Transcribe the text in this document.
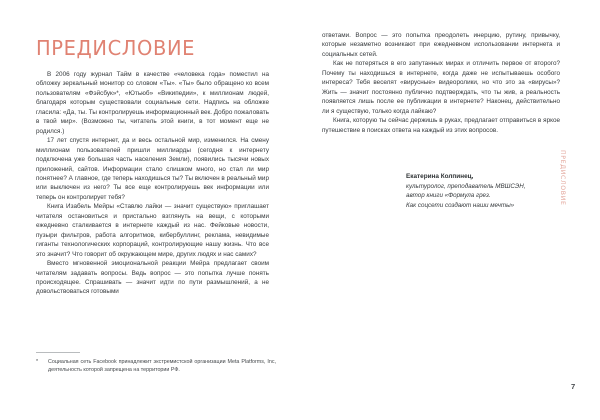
ПРЕДИСЛОВИЕ

В 2006 году журнал Тайм в качестве «человека года» поместил на обложку зеркальный монитор со словом «Ты». «Ты» было обращено ко всем пользователям «Фэйсбук»*, «Ютьюб» «Википедии», к миллионам людей, благодаря которым существовали социальные сети. Надпись на обложке гласила: «Да, ты. Ты контролируешь информационный век. Добро пожаловать в твой мир». (Возможно ты, читатель этой книги, в тот момент еще не родился.)

17 лет спустя интернет, да и весь остальной мир, изменился. На смену миллионам пользователей пришли миллиарды (сегодня к интернету подключена уже большая часть населения Земли), появились тысячи новых приложений, сайтов. Информации стало слишком много, но стал ли мир понятнее? А главное, где теперь находишься ты? Ты включен в реальный мир или выключен из него? Ты все еще контролируешь век информации или теперь он контролирует тебя?

Книга Изабель Мейры «Ставлю лайки — значит существую» приглашает читателя остановиться и пристально взглянуть на вещи, с которыми ежедневно сталкивается в интернете каждый из нас. Фейковые новости, пузыри фильтров, работа алгоритмов, кибербуллинг, реклама, невидимые гиганты технологических корпораций, контролирующие нашу жизнь. Что все это значит? Что говорит об окружающем мире, других людях и нас самих?

Вместо мгновенной эмоциональной реакции Мейра предлагает своим читателям задавать вопросы. Ведь вопрос — это попытка лучше понять происходящее. Спрашивать — значит идти по пути размышлений, а не довольствоваться готовыми

*	Социальная сеть Facebook принадлежит экстремистской организации Meta Platforms, Inc, деятельность которой запрещена на территории РФ.

ответами. Вопрос — это попытка преодолеть инерцию, рутину, привычку, которые незаметно возникают при ежедневном использовании интернета и социальных сетей.

Как не потеряться в его запутанных мирах и отличить первое от второго? Почему ты находишься в интернете, когда даже не испытываешь особого интереса? Тебя веселят «вирусные» видеоролики, но что это за «вирусы»? Жить — значит постоянно публично подтверждать, что ты жив, а реальность появляется лишь после ее публикации в интернете? Наконец, действительно ли я существую, только когда лайкаю?

Книга, которую ты сейчас держишь в руках, предлагает отправиться в яркое путешествие в поисках ответа на каждый из этих вопросов.

Екатерина Колпинец,

культуролог, преподаватель МВШСЭН,

автор книги «Формула грез.

Как соцсети создают наши мечты»	ПРЕДИСЛОВИЕ
7
